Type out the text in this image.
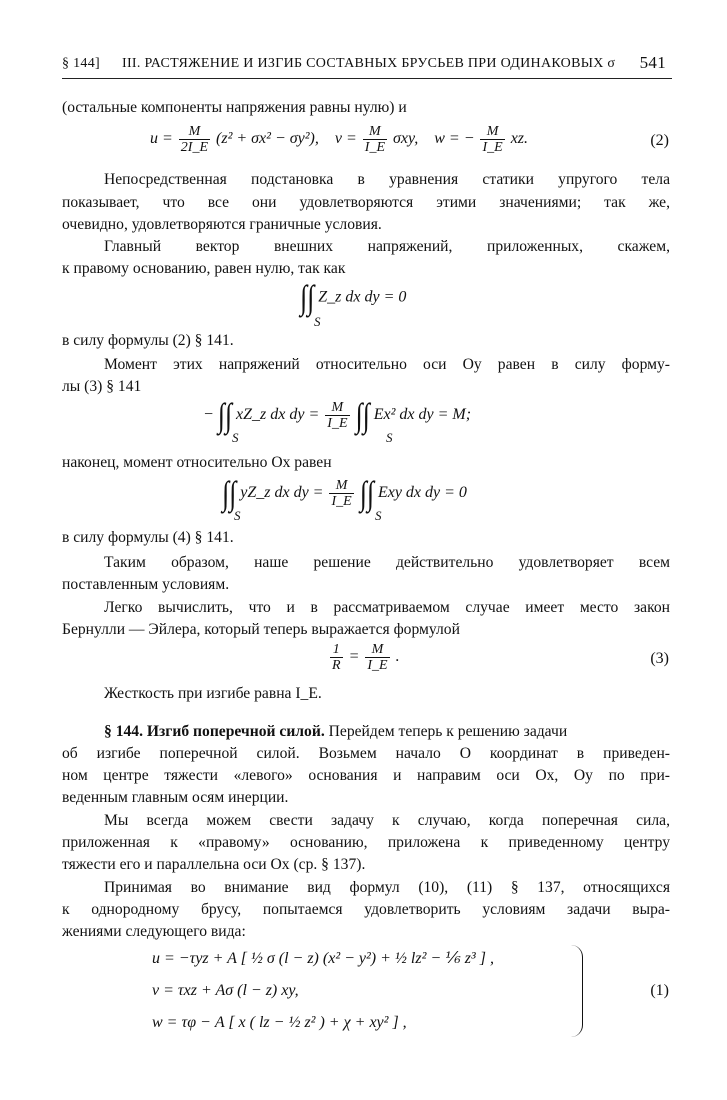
§ 144] III. РАСТЯЖЕНИЕ И ИЗГИБ СОСТАВНЫХ БРУСЬЕВ ПРИ ОДИНАКОВЫХ σ 541
(остальные компоненты напряжения равны нулю) и
$u = \frac{M}{2I\_E} (z^2 + \sigma x^2 - \sigma y^2)$, $v = \frac{M}{I\_E} \sigma xy$, w = − $\frac{M}{I\_E}$ xz.	(2)
Непосредственная подстановка в уравнения статики упругого тела
показывает, что все они удовлетворяются этими значениями; так же,
очевидно, удовлетворяются граничные условия.
Главный вектор внешних напряжений, приложенных, скажем,
к правому основанию, равен нулю, так как
∫∫ Z_z dx dy = 0
S
в силу формулы (2) § 141.
Момент этих напряжений относительно оси Oy равен в силу форму-
лы (3) § 141
− ∫∫ xZ_z dx dy = $\frac{M}{I\_E}$ ∫∫ Ex² dx dy = M;
S	S
наконец, момент относительно Ox равен
∫∫ yZ_z dx dy = $\frac{M}{I\_E}$ ∫∫ Exy dx dy = 0
S	S
в силу формулы (4) § 141.
Таким образом, наше решение действительно удовлетворяет всем
поставленным условиям.
Легко вычислить, что и в рассматриваемом случае имеет место закон
Бернулли — Эйлера, который теперь выражается формулой
$\frac{1}{R} = \frac{M}{I\_E}$ .	(3)
Жесткость при изгибе равна I_E.
§ 144. Изгиб поперечной силой. Перейдем теперь к решению задачи
об изгибе поперечной силой. Возьмем начало O координат в приведен-
ном центре тяжести «левого» основания и направим оси Ox, Oy по при-
веденным главным осям инерции.
Мы всегда можем свести задачу к случаю, когда поперечная сила,
приложенная к «правому» основанию, приложена к приведенному центру
тяжести его и параллельна оси Ox (ср. § 137).
Принимая во внимание вид формул (10), (11) § 137, относящихся
к однородному брусу, попытаемся удовлетворить условиям задачи выра-
жениями следующего вида:
u = −τyz + A [ ½ σ (l − z) (x² − y²) + ½ lz² − ⅙ z³ ] ,
v = τxz + Aσ (l − z) xy,
w = τφ − A [ x ( lz − ½ z² ) + χ + xy² ] ,
(1)
